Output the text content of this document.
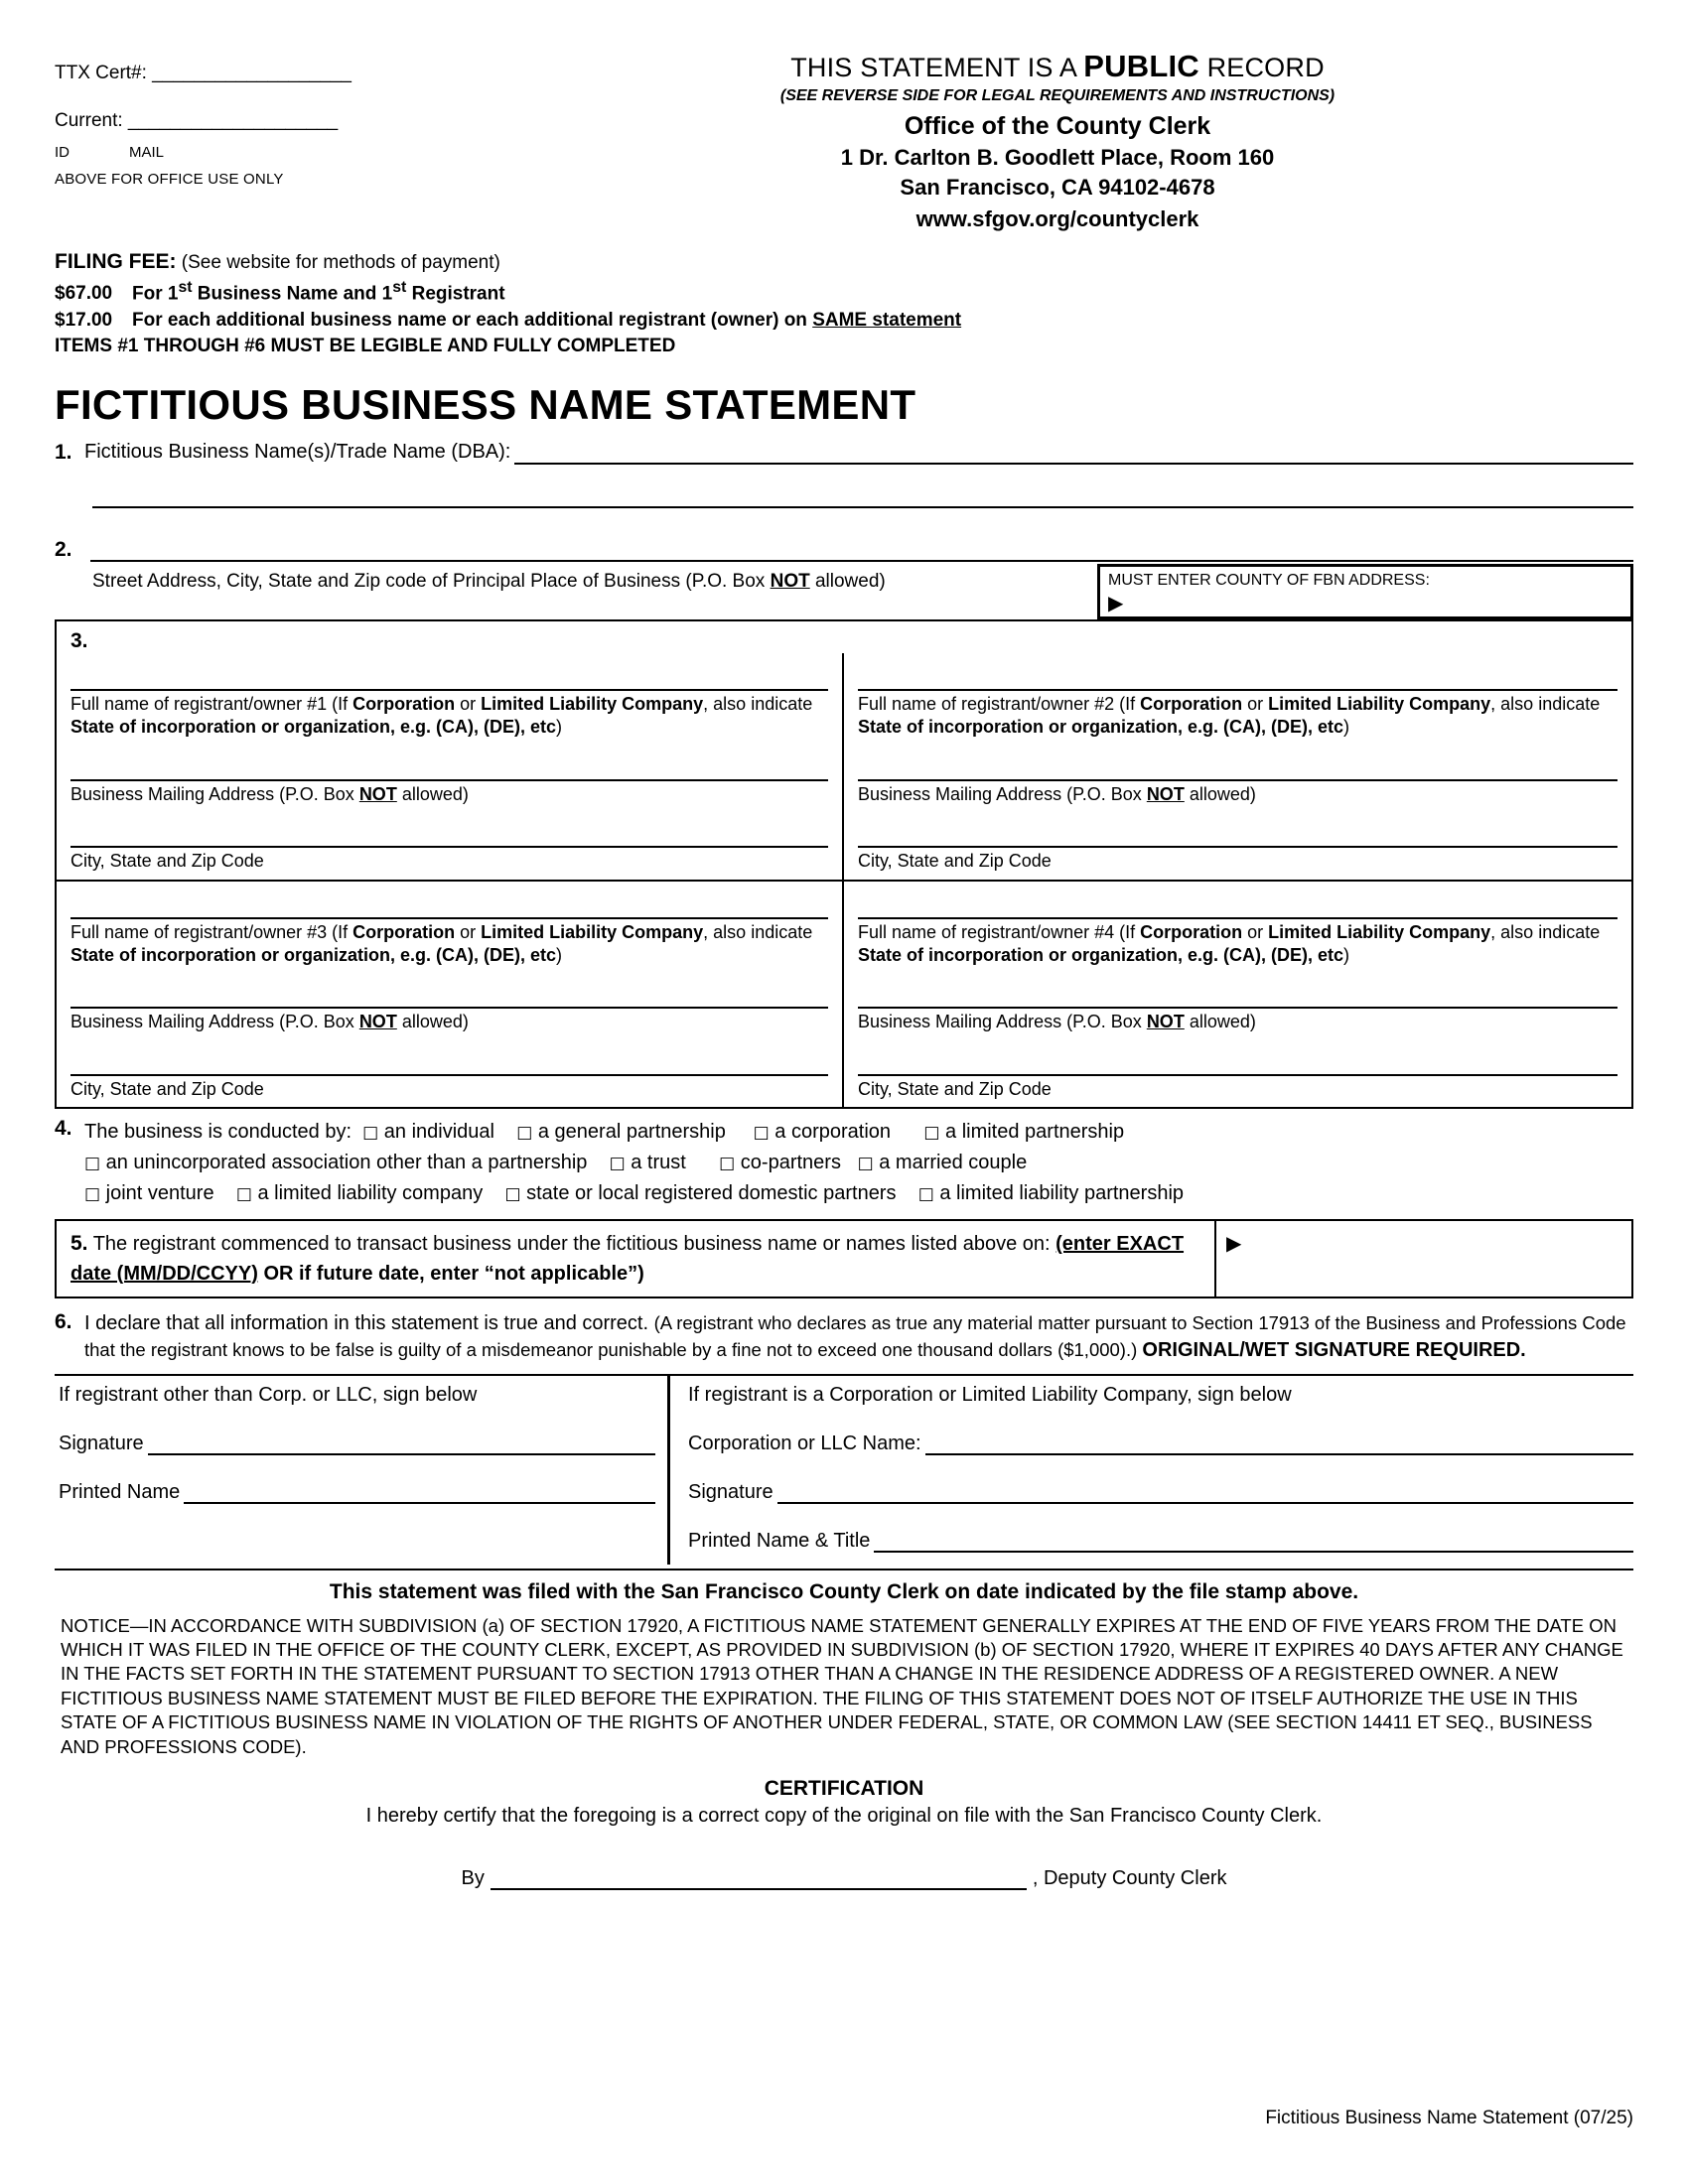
TTX Cert#: ___________________
Current: ____________________
ID	MAIL
ABOVE FOR OFFICE USE ONLY
THIS STATEMENT IS A PUBLIC RECORD
(SEE REVERSE SIDE FOR LEGAL REQUIREMENTS AND INSTRUCTIONS)
Office of the County Clerk
1 Dr. Carlton B. Goodlett Place, Room 160
San Francisco, CA 94102-4678
www.sfgov.org/countyclerk
FILING FEE: (See website for methods of payment)
$67.00 For 1st Business Name and 1st Registrant
$17.00 For each additional business name or each additional registrant (owner) on SAME statement
ITEMS #1 THROUGH #6 MUST BE LEGIBLE AND FULLY COMPLETED
FICTITIOUS BUSINESS NAME STATEMENT
1. Fictitious Business Name(s)/Trade Name (DBA):
2.
Street Address, City, State and Zip code of Principal Place of Business (P.O. Box NOT allowed)	MUST ENTER COUNTY OF FBN ADDRESS:
▶
3.
Full name of registrant/owner #1 (If Corporation or Limited Liability Company, also indicate State of incorporation or organization, e.g. (CA), (DE), etc)
Business Mailing Address (P.O. Box NOT allowed)
City, State and Zip Code
Full name of registrant/owner #2 (If Corporation or Limited Liability Company, also indicate State of incorporation or organization, e.g. (CA), (DE), etc)
Business Mailing Address (P.O. Box NOT allowed)
City, State and Zip Code
Full name of registrant/owner #3 (If Corporation or Limited Liability Company, also indicate State of incorporation or organization, e.g. (CA), (DE), etc)
Business Mailing Address (P.O. Box NOT allowed)
City, State and Zip Code
Full name of registrant/owner #4 (If Corporation or Limited Liability Company, also indicate State of incorporation or organization, e.g. (CA), (DE), etc)
Business Mailing Address (P.O. Box NOT allowed)
City, State and Zip Code
4. The business is conducted by: □ an individual □ a general partnership □ a corporation □ a limited partnership
□ an unincorporated association other than a partnership □ a trust □ co-partners □ a married couple
□ joint venture □ a limited liability company □ state or local registered domestic partners □ a limited liability partnership
5. The registrant commenced to transact business under the fictitious business name or names listed above on: (enter EXACT date (MM/DD/CCYY) OR if future date, enter “not applicable”)
▶
6. I declare that all information in this statement is true and correct. (A registrant who declares as true any material matter pursuant to Section 17913 of the Business and Professions Code that the registrant knows to be false is guilty of a misdemeanor punishable by a fine not to exceed one thousand dollars ($1,000).) ORIGINAL/WET SIGNATURE REQUIRED.
If registrant other than Corp. or LLC, sign below
Signature
Printed Name
If registrant is a Corporation or Limited Liability Company, sign below
Corporation or LLC Name:
Signature
Printed Name & Title
This statement was filed with the San Francisco County Clerk on date indicated by the file stamp above.
NOTICE—IN ACCORDANCE WITH SUBDIVISION (a) OF SECTION 17920, A FICTITIOUS NAME STATEMENT GENERALLY EXPIRES AT THE END OF FIVE YEARS FROM THE DATE ON WHICH IT WAS FILED IN THE OFFICE OF THE COUNTY CLERK, EXCEPT, AS PROVIDED IN SUBDIVISION (b) OF SECTION 17920, WHERE IT EXPIRES 40 DAYS AFTER ANY CHANGE IN THE FACTS SET FORTH IN THE STATEMENT PURSUANT TO SECTION 17913 OTHER THAN A CHANGE IN THE RESIDENCE ADDRESS OF A REGISTERED OWNER. A NEW FICTITIOUS BUSINESS NAME STATEMENT MUST BE FILED BEFORE THE EXPIRATION. THE FILING OF THIS STATEMENT DOES NOT OF ITSELF AUTHORIZE THE USE IN THIS STATE OF A FICTITIOUS BUSINESS NAME IN VIOLATION OF THE RIGHTS OF ANOTHER UNDER FEDERAL, STATE, OR COMMON LAW (SEE SECTION 14411 ET SEQ., BUSINESS AND PROFESSIONS CODE).
CERTIFICATION
I hereby certify that the foregoing is a correct copy of the original on file with the San Francisco County Clerk.
By	, Deputy County Clerk
Fictitious Business Name Statement (07/25)
